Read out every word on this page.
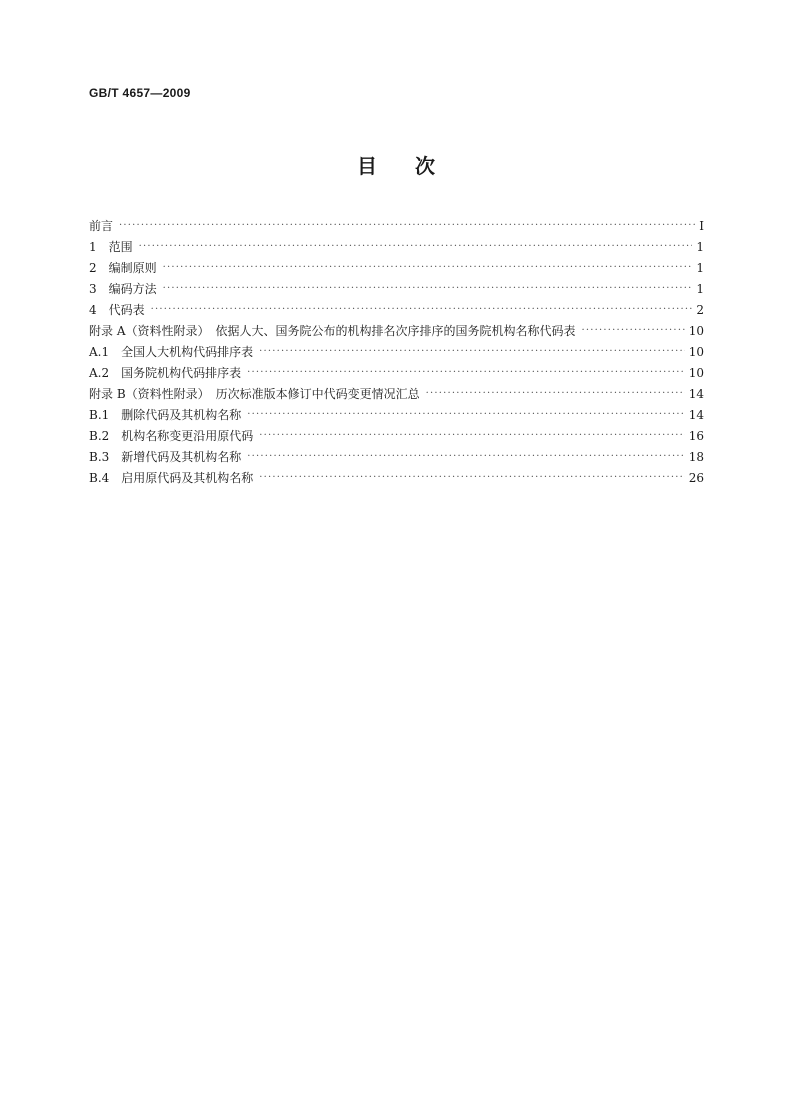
GB/T 4657—2009
目次
前言 ·····	Ⅰ
1　范围 ·····	1
2　编制原则 ·····	1
3　编码方法 ·····	1
4　代码表 ·····	2
附录 A（资料性附录）　依据人大、国务院公布的机构排名次序排序的国务院机构名称代码表 ·····	10
A.1　全国人大机构代码排序表 ·····	10
A.2　国务院机构代码排序表 ·····	10
附录 B（资料性附录）　历次标准版本修订中代码变更情况汇总 ·····	14
B.1　删除代码及其机构名称 ·····	14
B.2　机构名称变更沿用原代码 ·····	16
B.3　新增代码及其机构名称 ·····	18
B.4　启用原代码及其机构名称 ·····	26
